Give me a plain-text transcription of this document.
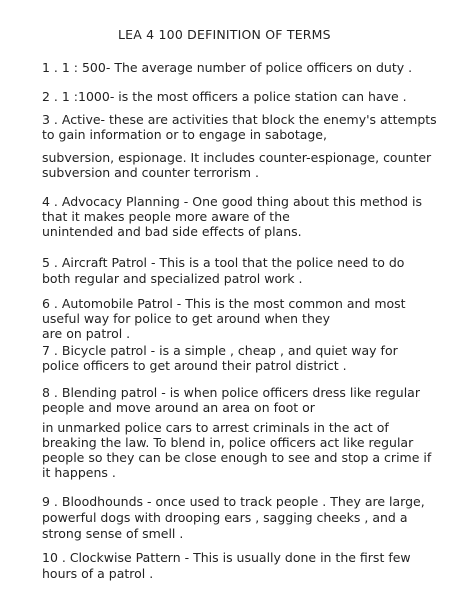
LEA 4 100 DEFINITION OF TERMS
1 . 1 : 500- The average number of police officers on duty .
2 . 1 :1000- is the most officers a police station can have .
3 . Active- these are activities that block the enemy's attempts
to gain information or to engage in sabotage,
subversion, espionage. It includes counter-espionage, counter
subversion and counter terrorism .
4 . Advocacy Planning - One good thing about this method is
that it makes people more aware of the
unintended and bad side effects of plans.
5 . Aircraft Patrol - This is a tool that the police need to do
both regular and specialized patrol work .
6 . Automobile Patrol - This is the most common and most
useful way for police to get around when they
are on patrol .
7 . Bicycle patrol - is a simple , cheap , and quiet way for
police officers to get around their patrol district .
8 . Blending patrol - is when police officers dress like regular
people and move around an area on foot or
in unmarked police cars to arrest criminals in the act of
breaking the law. To blend in, police officers act like regular
people so they can be close enough to see and stop a crime if
it happens .
9 . Bloodhounds - once used to track people . They are large,
powerful dogs with drooping ears , sagging cheeks , and a
strong sense of smell .
10 . Clockwise Pattern - This is usually done in the first few
hours of a patrol .
